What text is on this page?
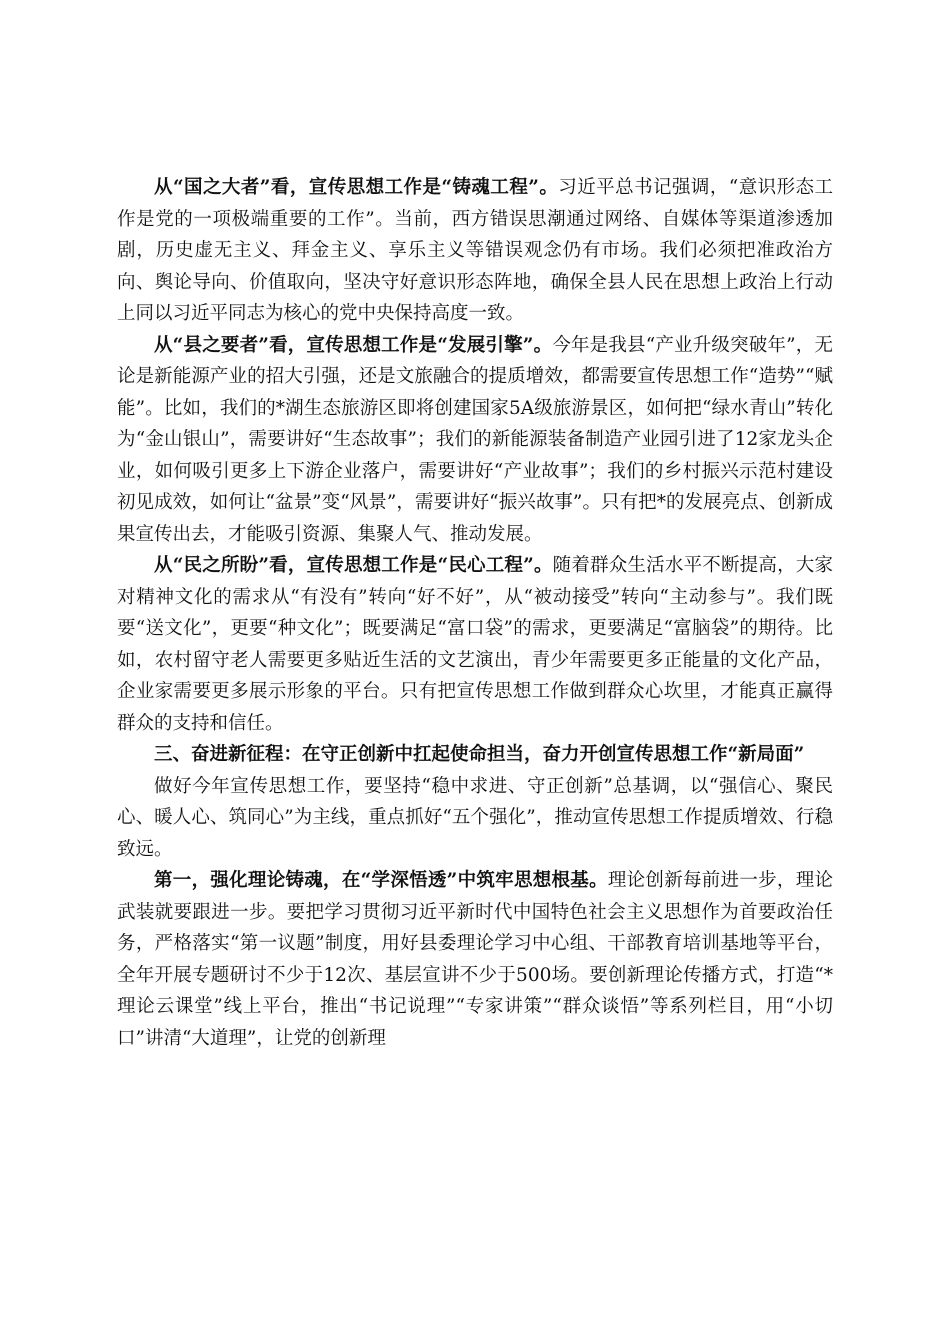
从“国之大者”看，宣传思想工作是“铸魂工程”。习近平总书记强调，“意识形态工作是党的一项极端重要的工作”。当前，西方错误思潮通过网络、自媒体等渠道渗透加剧，历史虚无主义、拜金主义、享乐主义等错误观念仍有市场。我们必须把准政治方向、舆论导向、价值取向，坚决守好意识形态阵地，确保全县人民在思想上政治上行动上同以习近平同志为核心的党中央保持高度一致。

从“县之要者”看，宣传思想工作是“发展引擎”。今年是我县“产业升级突破年”，无论是新能源产业的招大引强，还是文旅融合的提质增效，都需要宣传思想工作“造势”“赋能”。比如，我们的*湖生态旅游区即将创建国家5A级旅游景区，如何把“绿水青山”转化为“金山银山”，需要讲好“生态故事”；我们的新能源装备制造产业园引进了12家龙头企业，如何吸引更多上下游企业落户，需要讲好“产业故事”；我们的乡村振兴示范村建设初见成效，如何让“盆景”变“风景”，需要讲好“振兴故事”。只有把*的发展亮点、创新成果宣传出去，才能吸引资源、集聚人气、推动发展。

从“民之所盼”看，宣传思想工作是“民心工程”。随着群众生活水平不断提高，大家对精神文化的需求从“有没有”转向“好不好”，从“被动接受”转向“主动参与”。我们既要“送文化”，更要“种文化”；既要满足“富口袋”的需求，更要满足“富脑袋”的期待。比如，农村留守老人需要更多贴近生活的文艺演出，青少年需要更多正能量的文化产品，企业家需要更多展示形象的平台。只有把宣传思想工作做到群众心坎里，才能真正赢得群众的支持和信任。

三、奋进新征程：在守正创新中扛起使命担当，奋力开创宣传思想工作“新局面”

做好今年宣传思想工作，要坚持“稳中求进、守正创新”总基调，以“强信心、聚民心、暖人心、筑同心”为主线，重点抓好“五个强化”，推动宣传思想工作提质增效、行稳致远。

第一，强化理论铸魂，在“学深悟透”中筑牢思想根基。理论创新每前进一步，理论武装就要跟进一步。要把学习贯彻习近平新时代中国特色社会主义思想作为首要政治任务，严格落实“第一议题”制度，用好县委理论学习中心组、干部教育培训基地等平台，全年开展专题研讨不少于12次、基层宣讲不少于500场。要创新理论传播方式，打造“*理论云课堂”线上平台，推出“书记说理”“专家讲策”“群众谈悟”等系列栏目，用“小切口”讲清“大道理”，让党的创新理
